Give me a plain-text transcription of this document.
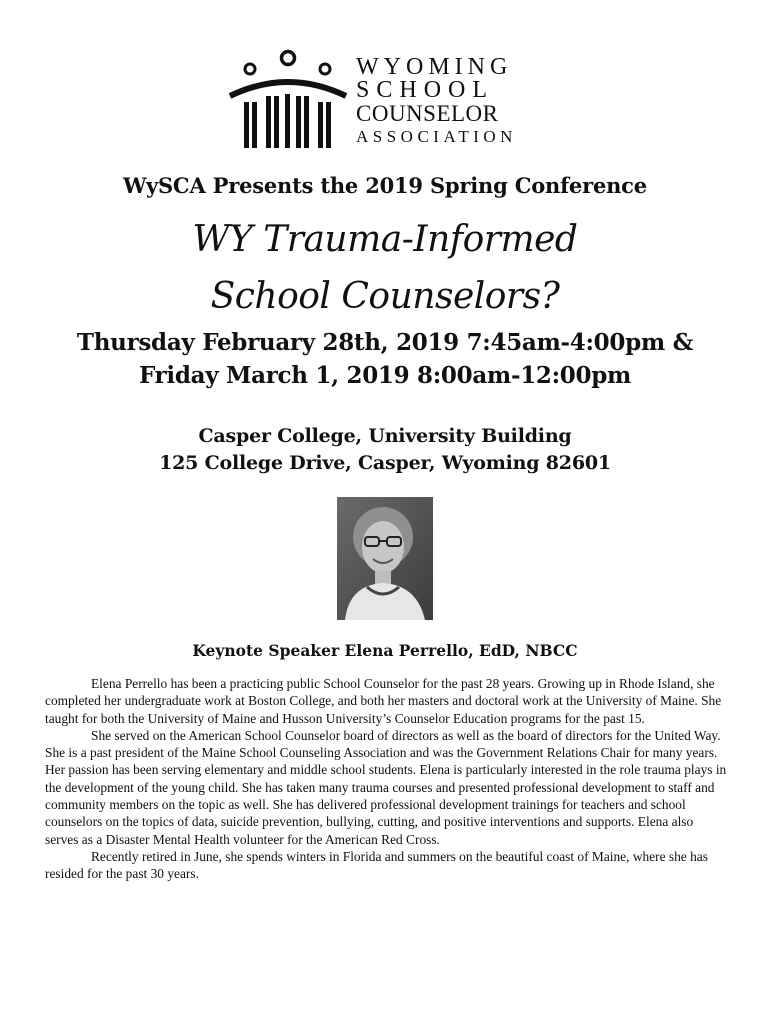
WYOMING
SCHOOL
COUNSELOR
ASSOCIATION
WySCA Presents the 2019 Spring Conference
WY Trauma-Informed
School Counselors?
Thursday February 28th, 2019 7:45am-4:00pm &
Friday March 1, 2019 8:00am-12:00pm
Casper College, University Building
125 College Drive, Casper, Wyoming 82601
Keynote Speaker Elena Perrello, EdD, NBCC

Elena Perrello has been a practicing public School Counselor for the past 28 years. Growing up in Rhode Island, she completed her undergraduate work at Boston College, and both her masters and doctoral work at the University of Maine. She taught for both the University of Maine and Husson University’s Counselor Education programs for the past 15.

She served on the American School Counselor board of directors as well as the board of directors for the United Way. She is a past president of the Maine School Counseling Association and was the Government Relations Chair for many years. Her passion has been serving elementary and middle school students. Elena is particularly interested in the role trauma plays in the development of the young child. She has taken many trauma courses and presented professional development to staff and community members on the topic as well. She has delivered professional development trainings for teachers and school counselors on the topics of data, suicide prevention, bullying, cutting, and positive interventions and supports. Elena also serves as a Disaster Mental Health volunteer for the American Red Cross.

Recently retired in June, she spends winters in Florida and summers on the beautiful coast of Maine, where she has resided for the past 30 years.
